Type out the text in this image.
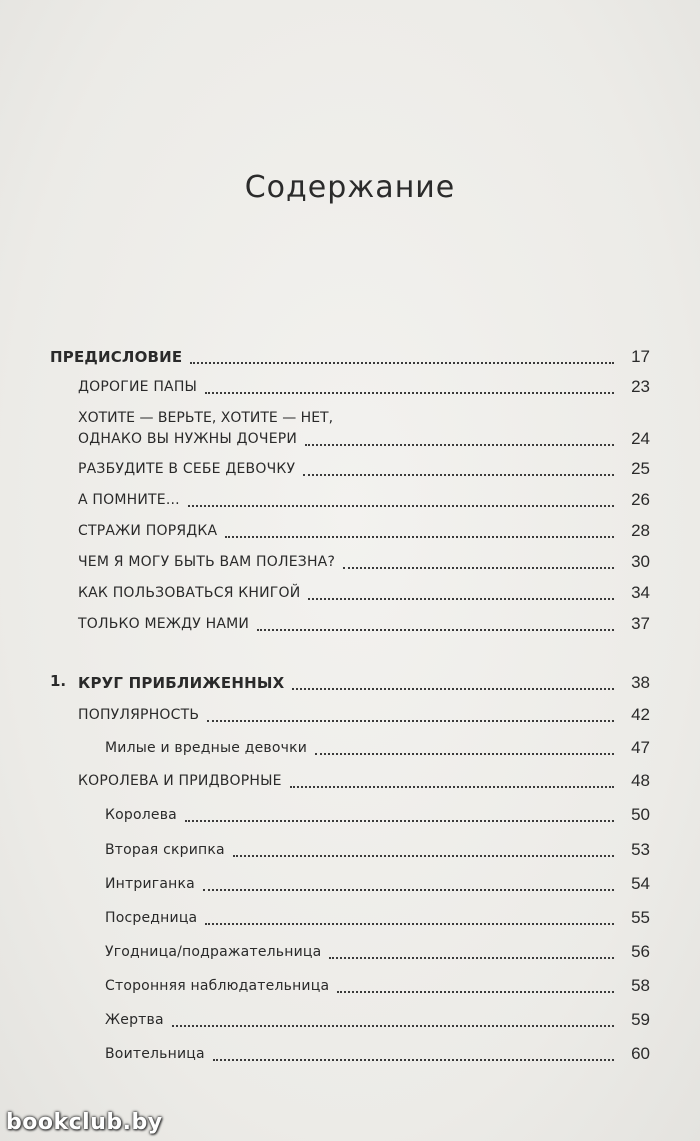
Содержание
ПРЕДИСЛОВИЕ	17
ДОРОГИЕ ПАПЫ	23
ХОТИТЕ — ВЕРЬТЕ, ХОТИТЕ — НЕТ,
ОДНАКО ВЫ НУЖНЫ ДОЧЕРИ	24
РАЗБУДИТЕ В СЕБЕ ДЕВОЧКУ	25
А ПОМНИТЕ...	26
СТРАЖИ ПОРЯДКА	28
ЧЕМ Я МОГУ БЫТЬ ВАМ ПОЛЕЗНА?	30
КАК ПОЛЬЗОВАТЬСЯ КНИГОЙ	34
ТОЛЬКО МЕЖДУ НАМИ	37
1. КРУГ ПРИБЛИЖЕННЫХ	38
ПОПУЛЯРНОСТЬ	42
Милые и вредные девочки	47
КОРОЛЕВА И ПРИДВОРНЫЕ	48
Королева	50
Вторая скрипка	53
Интриганка	54
Посредница	55
Угодница/подражательница	56
Сторонняя наблюдательница	58
Жертва	59
Воительница	60
bookclub.by
